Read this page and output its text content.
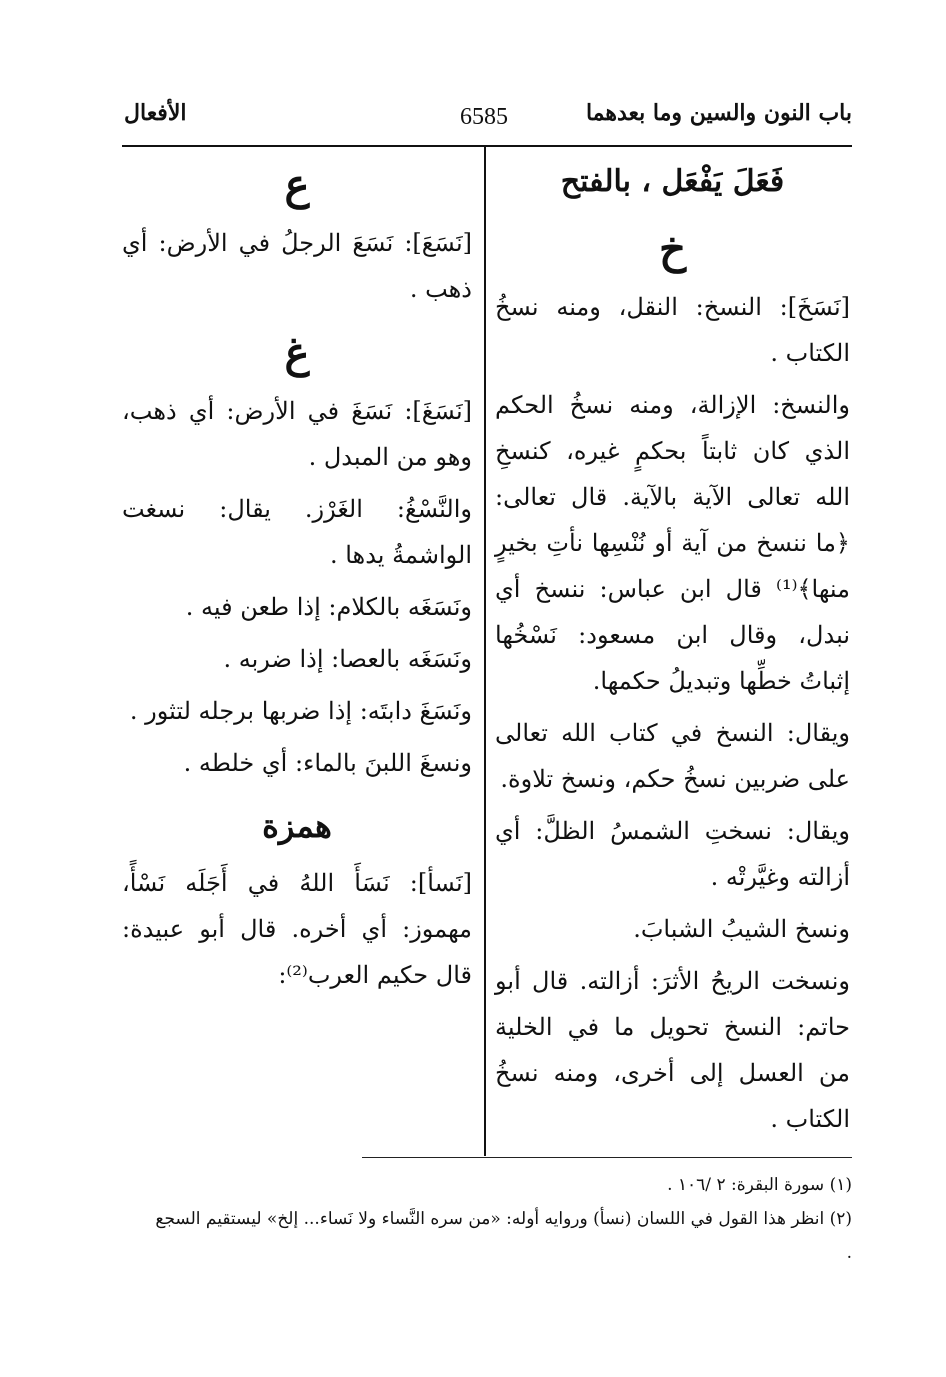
باب النون والسين وما بعدهما
6585
الأفعال

فَعَلَ يَفْعَل ، بالفتح

خ

[نَسَخَ]: النسخ: النقل، ومنه نسخُ الكتاب .

والنسخ: الإزالة، ومنه نسخُ الحكم الذي كان ثابتاً بحكمٍ غيره، كنسخِ الله تعالى الآية بالآية. قال تعالى: ﴿ما ننسخ من آية أو نُنْسِها نأتِ بخيرٍ منها﴾⁽¹⁾ قال ابن عباس: ننسخ أي نبدل، وقال ابن مسعود: نَسْخُها إثباتُ خطِّها وتبديلُ حكمها.

ويقال: النسخ في كتاب الله تعالى على ضربين نسخُ حكم، ونسخ تلاوة.

ويقال: نسختِ الشمسُ الظلَّ: أي أزالته وغيَّرتْه .

ونسخ الشيبُ الشبابَ.

ونسخت الريحُ الأثرَ: أزالته. قال أبو حاتم: النسخ تحويل ما في الخلية من العسل إلى أخرى، ومنه نسخُ الكتاب .

ع

[نَسَعَ]: نَسَعَ الرجلُ في الأرض: أي ذهب .

غ

[نَسَغَ]: نَسَغَ في الأرض: أي ذهب، وهو من المبدل .

والنَّسْغُ: الغَرْز. يقال: نسغت الواشمةُ يدها .

ونَسَغَه بالكلام: إذا طعن فيه .

ونَسَغَه بالعصا: إذا ضربه .

ونَسَغَ دابتَه: إذا ضربها برجله لتثور .

ونسغَ اللبنَ بالماء: أي خلطه .

همزة

[نَسأ]: نَسَأَ اللهُ في أَجَلَه نَسْأً، مهموز: أي أخره. قال أبو عبيدة: قال حكيم العرب⁽²⁾:

(١) سورة البقرة: ٢ /١٠٦ .

(٢) انظر هذا القول في اللسان (نسأ) وروايه أوله: «من سره النَّساء ولا نَساء... إلخ» ليستقيم السجع .
